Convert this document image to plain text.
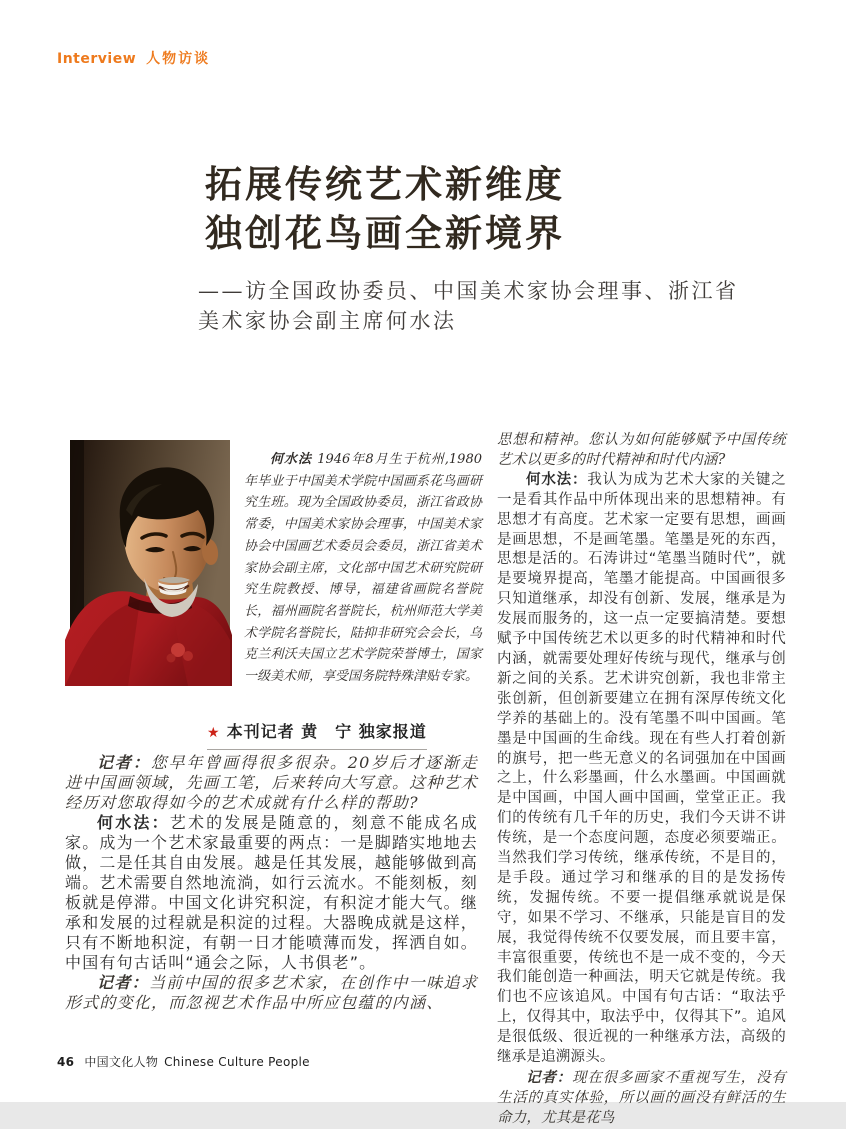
Interview 人物访谈
拓展传统艺术新维度
独创花鸟画全新境界
——访全国政协委员、中国美术家协会理事、浙江省
美术家协会副主席何水法

何水法 1946年8月生于杭州,1980年毕业于中国美术学院中国画系花鸟画研究生班。现为全国政协委员，浙江省政协常委，中国美术家协会理事，中国美术家协会中国画艺术委员会委员，浙江省美术家协会副主席，文化部中国艺术研究院研究生院教授、博导，福建省画院名誉院长，福州画院名誉院长，杭州师范大学美术学院名誉院长，陆抑非研究会会长，乌克兰利沃夫国立艺术学院荣誉博士，国家一级美术师，享受国务院特殊津贴专家。

★ 本刊记者 黄　宁 独家报道

记者：您早年曾画得很多很杂。20岁后才逐渐走进中国画领域，先画工笔，后来转向大写意。这种艺术经历对您取得如今的艺术成就有什么样的帮助?

何水法：艺术的发展是随意的，刻意不能成名成家。成为一个艺术家最重要的两点：一是脚踏实地地去做，二是任其自由发展。越是任其发展，越能够做到高端。艺术需要自然地流淌，如行云流水。不能刻板，刻板就是停滞。中国文化讲究积淀，有积淀才能大气。继承和发展的过程就是积淀的过程。大器晚成就是这样，只有不断地积淀，有朝一日才能喷薄而发，挥洒自如。中国有句古话叫“通会之际，人书俱老”。

记者：当前中国的很多艺术家，在创作中一味追求形式的变化，而忽视艺术作品中所应包蕴的内涵、

思想和精神。您认为如何能够赋予中国传统艺术以更多的时代精神和时代内涵?

何水法：我认为成为艺术大家的关键之一是看其作品中所体现出来的思想精神。有思想才有高度。艺术家一定要有思想，画画是画思想，不是画笔墨。笔墨是死的东西，思想是活的。石涛讲过“笔墨当随时代”，就是要境界提高，笔墨才能提高。中国画很多只知道继承，却没有创新、发展，继承是为发展而服务的，这一点一定要搞清楚。要想赋予中国传统艺术以更多的时代精神和时代内涵，就需要处理好传统与现代，继承与创新之间的关系。艺术讲究创新，我也非常主张创新，但创新要建立在拥有深厚传统文化学养的基础上的。没有笔墨不叫中国画。笔墨是中国画的生命线。现在有些人打着创新的旗号，把一些无意义的名词强加在中国画之上，什么彩墨画，什么水墨画。中国画就是中国画，中国人画中国画，堂堂正正。我们的传统有几千年的历史，我们今天讲不讲传统，是一个态度问题，态度必须要端正。当然我们学习传统，继承传统，不是目的，是手段。通过学习和继承的目的是发扬传统，发掘传统。不要一提倡继承就说是保守，如果不学习、不继承，只能是盲目的发展，我觉得传统不仅要发展，而且要丰富，丰富很重要，传统也不是一成不变的，今天我们能创造一种画法，明天它就是传统。我们也不应该追风。中国有句古话：“取法乎上，仅得其中，取法乎中，仅得其下”。追风是很低级、很近视的一种继承方法，高级的继承是追溯源头。

记者：现在很多画家不重视写生，没有生活的真实体验，所以画的画没有鲜活的生命力，尤其是花鸟

46 中国文化人物 Chinese Culture People
